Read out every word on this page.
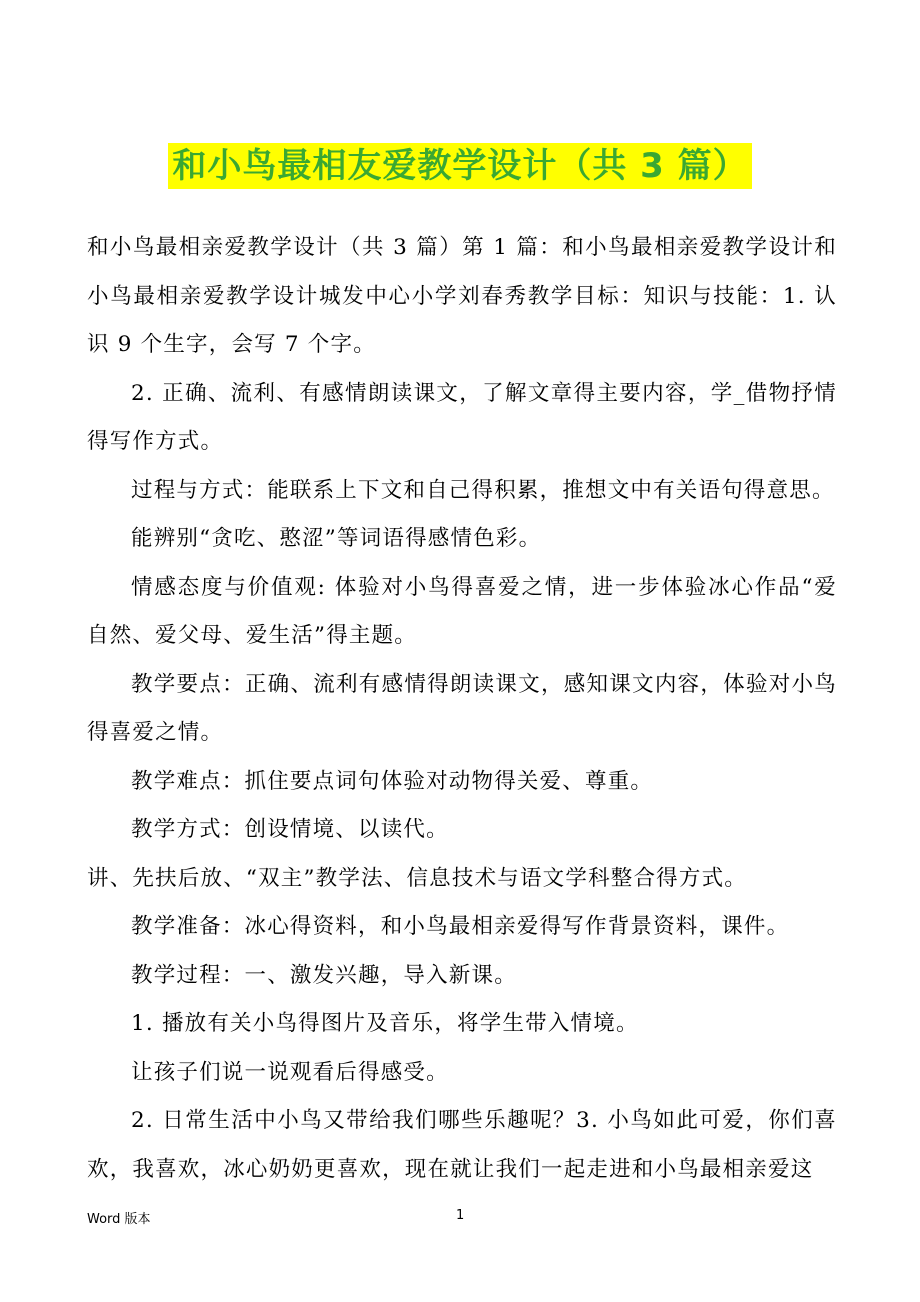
和小鸟最相友爱教学设计（共 3 篇）

和小鸟最相亲爱教学设计（共 3 篇）第 1 篇：和小鸟最相亲爱教学设计和小鸟最相亲爱教学设计城发中心小学刘春秀教学目标：知识与技能：1. 认识 9 个生字，会写 7 个字。

2. 正确、流利、有感情朗读课文，了解文章得主要内容，学_借物抒情得写作方式。

过程与方式：能联系上下文和自己得积累，推想文中有关语句得意思。

能辨别“贪吃、憨涩”等词语得感情色彩。

情感态度与价值观: 体验对小鸟得喜爱之情，进一步体验冰心作品“爱自然、爱父母、爱生活”得主题。

教学要点：正确、流利有感情得朗读课文，感知课文内容，体验对小鸟得喜爱之情。

教学难点：抓住要点词句体验对动物得关爱、尊重。

教学方式：创设情境、以读代。

讲、先扶后放、“双主”教学法、信息技术与语文学科整合得方式。

教学准备：冰心得资料，和小鸟最相亲爱得写作背景资料，课件。

教学过程：一、激发兴趣，导入新课。

1. 播放有关小鸟得图片及音乐，将学生带入情境。

让孩子们说一说观看后得感受。

2. 日常生活中小鸟又带给我们哪些乐趣呢？3. 小鸟如此可爱，你们喜欢，我喜欢，冰心奶奶更喜欢，现在就让我们一起走进和小鸟最相亲爱这

Word 版本	1
